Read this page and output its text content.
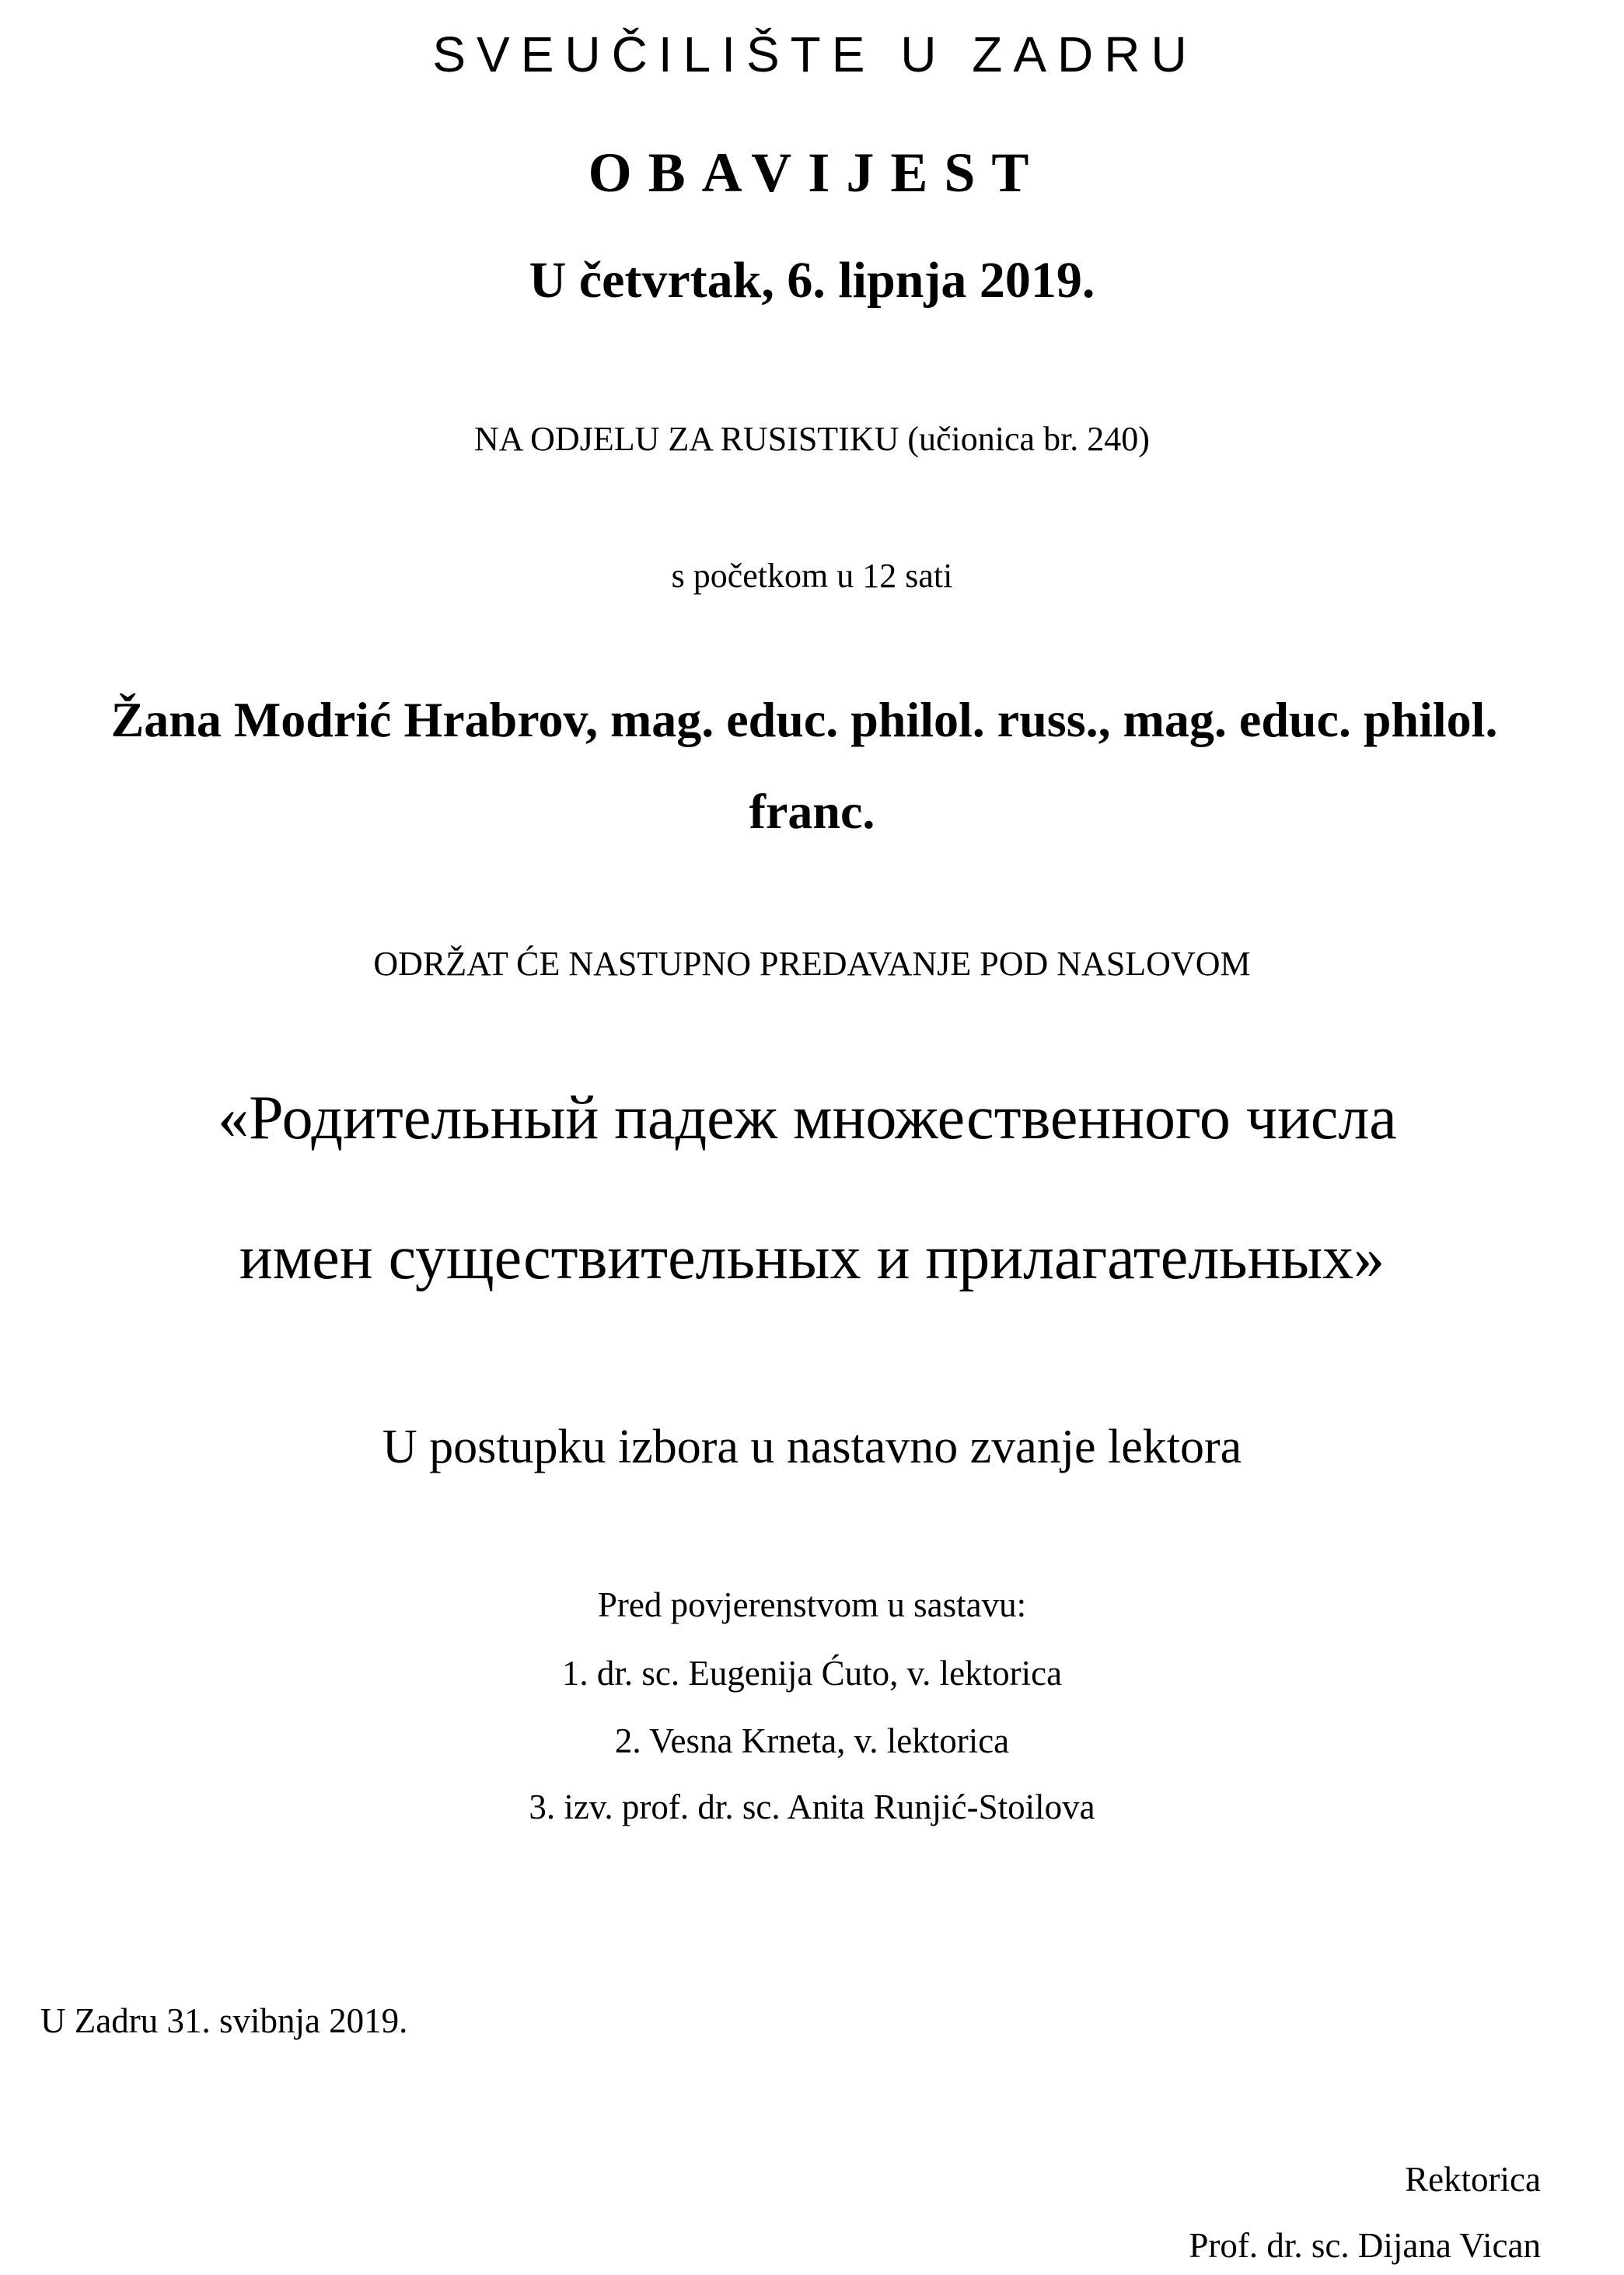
SVEUČILIŠTE U ZADRU
OBAVIJEST
U četvrtak, 6. lipnja 2019.
NA ODJELU ZA RUSISTIKU (učionica br. 240)
s početkom u 12 sati
Žana Modrić Hrabrov, mag. educ. philol. russ., mag. educ. philol.
franc.
ODRŽAT ĆE NASTUPNO PREDAVANJE POD NASLOVOM
«Родительный падеж множественного числа
имен существительных и прилагательных»
U postupku izbora u nastavno zvanje lektora
Pred povjerenstvom u sastavu:
1. dr. sc. Eugenija Ćuto, v. lektorica
2. Vesna Krneta, v. lektorica
3. izv. prof. dr. sc. Anita Runjić-Stoilova
U Zadru 31. svibnja 2019.
Rektorica
Prof. dr. sc. Dijana Vican
